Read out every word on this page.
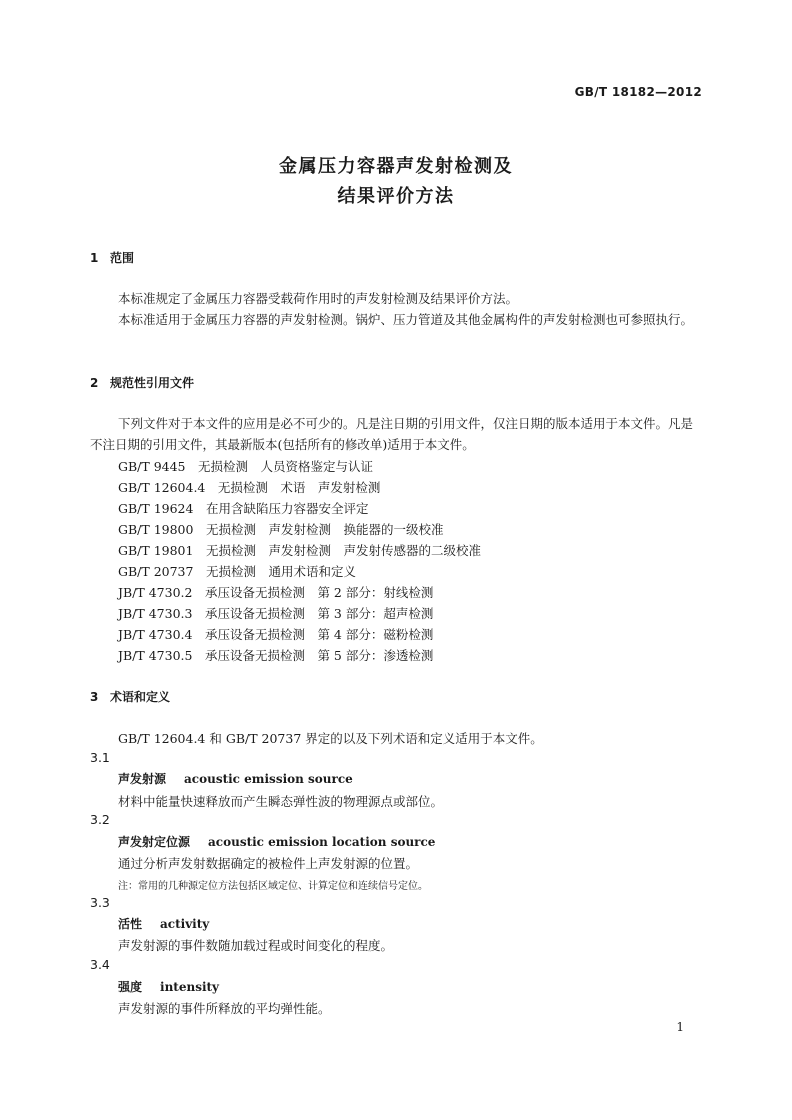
GB/T 18182—2012
金属压力容器声发射检测及
结果评价方法
1 范围
本标准规定了金属压力容器受载荷作用时的声发射检测及结果评价方法。
本标准适用于金属压力容器的声发射检测。锅炉、压力管道及其他金属构件的声发射检测也可参照执行。
2 规范性引用文件
下列文件对于本文件的应用是必不可少的。凡是注日期的引用文件，仅注日期的版本适用于本文件。凡是不注日期的引用文件，其最新版本(包括所有的修改单)适用于本文件。
GB/T 9445　无损检测　人员资格鉴定与认证
GB/T 12604.4　无损检测　术语　声发射检测
GB/T 19624　在用含缺陷压力容器安全评定
GB/T 19800　无损检测　声发射检测　换能器的一级校准
GB/T 19801　无损检测　声发射检测　声发射传感器的二级校准
GB/T 20737　无损检测　通用术语和定义
JB/T 4730.2　承压设备无损检测　第 2 部分：射线检测
JB/T 4730.3　承压设备无损检测　第 3 部分：超声检测
JB/T 4730.4　承压设备无损检测　第 4 部分：磁粉检测
JB/T 4730.5　承压设备无损检测　第 5 部分：渗透检测
3 术语和定义
GB/T 12604.4 和 GB/T 20737 界定的以及下列术语和定义适用于本文件。
3.1
声发射源 acoustic emission source
材料中能量快速释放而产生瞬态弹性波的物理源点或部位。
3.2
声发射定位源 acoustic emission location source
通过分析声发射数据确定的被检件上声发射源的位置。
注：常用的几种源定位方法包括区域定位、计算定位和连续信号定位。
3.3
活性 activity
声发射源的事件数随加载过程或时间变化的程度。
3.4
强度 intensity
声发射源的事件所释放的平均弹性能。
1
